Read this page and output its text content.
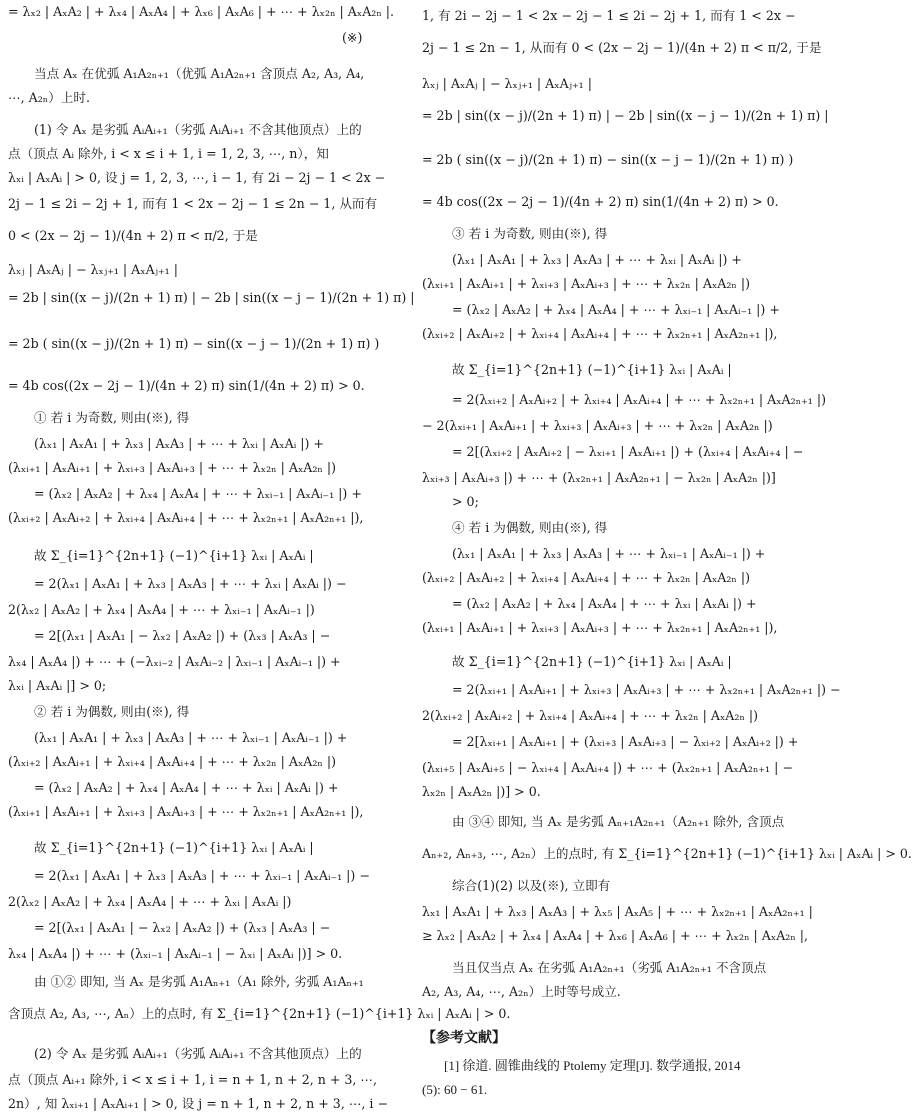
= λₓ₂ | AₓA₂ | + λₓ₄ | AₓA₄ | + λₓ₆ | AₓA₆ | + ⋯ + λₓ₂ₙ | AₓA₂ₙ |.
(※)
当点 Aₓ 在优弧 A₁A₂ₙ₊₁（优弧 A₁A₂ₙ₊₁ 含顶点 A₂, A₃, A₄,
⋯, A₂ₙ）上时.
(1) 令 Aₓ 是劣弧 AᵢAᵢ₊₁（劣弧 AᵢAᵢ₊₁ 不含其他顶点）上的
点（顶点 Aᵢ 除外, i < x ≤ i + 1, i = 1, 2, 3, ⋯, n），知
λₓᵢ | AₓAᵢ | > 0, 设 j = 1, 2, 3, ⋯, i − 1, 有 2i − 2j − 1 < 2x −
2j − 1 ≤ 2i − 2j + 1, 而有 1 < 2x − 2j − 1 ≤ 2n − 1, 从而有
0 < (2x − 2j − 1)/(4n + 2) π < π/2, 于是
λₓⱼ | AₓAⱼ | − λₓⱼ₊₁ | AₓAⱼ₊₁ |
= 2b | sin((x − j)/(2n + 1) π) | − 2b | sin((x − j − 1)/(2n + 1) π) |
= 2b ( sin((x − j)/(2n + 1) π) − sin((x − j − 1)/(2n + 1) π) )
= 4b cos((2x − 2j − 1)/(4n + 2) π) sin(1/(4n + 2) π) > 0.
① 若 i 为奇数, 则由(※), 得
(λₓ₁ | AₓA₁ | + λₓ₃ | AₓA₃ | + ⋯ + λₓᵢ | AₓAᵢ |) +
(λₓᵢ₊₁ | AₓAᵢ₊₁ | + λₓᵢ₊₃ | AₓAᵢ₊₃ | + ⋯ + λₓ₂ₙ | AₓA₂ₙ |)
= (λₓ₂ | AₓA₂ | + λₓ₄ | AₓA₄ | + ⋯ + λₓᵢ₋₁ | AₓAᵢ₋₁ |) +
(λₓᵢ₊₂ | AₓAᵢ₊₂ | + λₓᵢ₊₄ | AₓAᵢ₊₄ | + ⋯ + λₓ₂ₙ₊₁ | AₓA₂ₙ₊₁ |),
故 Σ_{i=1}^{2n+1} (−1)^{i+1} λₓᵢ | AₓAᵢ |
= 2(λₓ₁ | AₓA₁ | + λₓ₃ | AₓA₃ | + ⋯ + λₓᵢ | AₓAᵢ |) −
2(λₓ₂ | AₓA₂ | + λₓ₄ | AₓA₄ | + ⋯ + λₓᵢ₋₁ | AₓAᵢ₋₁ |)
= 2[(λₓ₁ | AₓA₁ | − λₓ₂ | AₓA₂ |) + (λₓ₃ | AₓA₃ | −
λₓ₄ | AₓA₄ |) + ⋯ + (−λₓᵢ₋₂ | AₓAᵢ₋₂ | λₓᵢ₋₁ | AₓAᵢ₋₁ |) +
λₓᵢ | AₓAᵢ |] > 0;
② 若 i 为偶数, 则由(※), 得
(λₓ₁ | AₓA₁ | + λₓ₃ | AₓA₃ | + ⋯ + λₓᵢ₋₁ | AₓAᵢ₋₁ |) +
(λₓᵢ₊₂ | AₓAᵢ₊₁ | + λₓᵢ₊₄ | AₓAᵢ₊₄ | + ⋯ + λₓ₂ₙ | AₓA₂ₙ |)
= (λₓ₂ | AₓA₂ | + λₓ₄ | AₓA₄ | + ⋯ + λₓᵢ | AₓAᵢ |) +
(λₓᵢ₊₁ | AₓAᵢ₊₁ | + λₓᵢ₊₃ | AₓAᵢ₊₃ | + ⋯ + λₓ₂ₙ₊₁ | AₓA₂ₙ₊₁ |),
故 Σ_{i=1}^{2n+1} (−1)^{i+1} λₓᵢ | AₓAᵢ |
= 2(λₓ₁ | AₓA₁ | + λₓ₃ | AₓA₃ | + ⋯ + λₓᵢ₋₁ | AₓAᵢ₋₁ |) −
2(λₓ₂ | AₓA₂ | + λₓ₄ | AₓA₄ | + ⋯ + λₓᵢ | AₓAᵢ |)
= 2[(λₓ₁ | AₓA₁ | − λₓ₂ | AₓA₂ |) + (λₓ₃ | AₓA₃ | −
λₓ₄ | AₓA₄ |) + ⋯ + (λₓᵢ₋₁ | AₓAᵢ₋₁ | − λₓᵢ | AₓAᵢ |)] > 0.
由 ①② 即知, 当 Aₓ 是劣弧 A₁Aₙ₊₁（A₁ 除外, 劣弧 A₁Aₙ₊₁
含顶点 A₂, A₃, ⋯, Aₙ）上的点时, 有 Σ_{i=1}^{2n+1} (−1)^{i+1} λₓᵢ | AₓAᵢ | > 0.
(2) 令 Aₓ 是劣弧 AᵢAᵢ₊₁（劣弧 AᵢAᵢ₊₁ 不含其他顶点）上的
点（顶点 Aᵢ₊₁ 除外, i < x ≤ i + 1, i = n + 1, n + 2, n + 3, ⋯,
2n）, 知 λₓᵢ₊₁ | AₓAᵢ₊₁ | > 0, 设 j = n + 1, n + 2, n + 3, ⋯, i −
1, 有 2i − 2j − 1 < 2x − 2j − 1 ≤ 2i − 2j + 1, 而有 1 < 2x −
2j − 1 ≤ 2n − 1, 从而有 0 < (2x − 2j − 1)/(4n + 2) π < π/2, 于是
λₓⱼ | AₓAⱼ | − λₓⱼ₊₁ | AₓAⱼ₊₁ |
= 2b | sin((x − j)/(2n + 1) π) | − 2b | sin((x − j − 1)/(2n + 1) π) |
= 2b ( sin((x − j)/(2n + 1) π) − sin((x − j − 1)/(2n + 1) π) )
= 4b cos((2x − 2j − 1)/(4n + 2) π) sin(1/(4n + 2) π) > 0.
③ 若 i 为奇数, 则由(※), 得
(λₓ₁ | AₓA₁ | + λₓ₃ | AₓA₃ | + ⋯ + λₓᵢ | AₓAᵢ |) +
(λₓᵢ₊₁ | AₓAᵢ₊₁ | + λₓᵢ₊₃ | AₓAᵢ₊₃ | + ⋯ + λₓ₂ₙ | AₓA₂ₙ |)
= (λₓ₂ | AₓA₂ | + λₓ₄ | AₓA₄ | + ⋯ + λₓᵢ₋₁ | AₓAᵢ₋₁ |) +
(λₓᵢ₊₂ | AₓAᵢ₊₂ | + λₓᵢ₊₄ | AₓAᵢ₊₄ | + ⋯ + λₓ₂ₙ₊₁ | AₓA₂ₙ₊₁ |),
故 Σ_{i=1}^{2n+1} (−1)^{i+1} λₓᵢ | AₓAᵢ |
= 2(λₓᵢ₊₂ | AₓAᵢ₊₂ | + λₓᵢ₊₄ | AₓAᵢ₊₄ | + ⋯ + λₓ₂ₙ₊₁ | AₓA₂ₙ₊₁ |)
− 2(λₓᵢ₊₁ | AₓAᵢ₊₁ | + λₓᵢ₊₃ | AₓAᵢ₊₃ | + ⋯ + λₓ₂ₙ | AₓA₂ₙ |)
= 2[(λₓᵢ₊₂ | AₓAᵢ₊₂ | − λₓᵢ₊₁ | AₓAᵢ₊₁ |) + (λₓᵢ₊₄ | AₓAᵢ₊₄ | −
λₓᵢ₊₃ | AₓAᵢ₊₃ |) + ⋯ + (λₓ₂ₙ₊₁ | AₓA₂ₙ₊₁ | − λₓ₂ₙ | AₓA₂ₙ |)]
> 0;
④ 若 i 为偶数, 则由(※), 得
(λₓ₁ | AₓA₁ | + λₓ₃ | AₓA₃ | + ⋯ + λₓᵢ₋₁ | AₓAᵢ₋₁ |) +
(λₓᵢ₊₂ | AₓAᵢ₊₂ | + λₓᵢ₊₄ | AₓAᵢ₊₄ | + ⋯ + λₓ₂ₙ | AₓA₂ₙ |)
= (λₓ₂ | AₓA₂ | + λₓ₄ | AₓA₄ | + ⋯ + λₓᵢ | AₓAᵢ |) +
(λₓᵢ₊₁ | AₓAᵢ₊₁ | + λₓᵢ₊₃ | AₓAᵢ₊₃ | + ⋯ + λₓ₂ₙ₊₁ | AₓA₂ₙ₊₁ |),
故 Σ_{i=1}^{2n+1} (−1)^{i+1} λₓᵢ | AₓAᵢ |
= 2(λₓᵢ₊₁ | AₓAᵢ₊₁ | + λₓᵢ₊₃ | AₓAᵢ₊₃ | + ⋯ + λₓ₂ₙ₊₁ | AₓA₂ₙ₊₁ |) −
2(λₓᵢ₊₂ | AₓAᵢ₊₂ | + λₓᵢ₊₄ | AₓAᵢ₊₄ | + ⋯ + λₓ₂ₙ | AₓA₂ₙ |)
= 2[λₓᵢ₊₁ | AₓAᵢ₊₁ | + (λₓᵢ₊₃ | AₓAᵢ₊₃ | − λₓᵢ₊₂ | AₓAᵢ₊₂ |) +
(λₓᵢ₊₅ | AₓAᵢ₊₅ | − λₓᵢ₊₄ | AₓAᵢ₊₄ |) + ⋯ + (λₓ₂ₙ₊₁ | AₓA₂ₙ₊₁ | −
λₓ₂ₙ | AₓA₂ₙ |)] > 0.
由 ③④ 即知, 当 Aₓ 是劣弧 Aₙ₊₁A₂ₙ₊₁（A₂ₙ₊₁ 除外, 含顶点
Aₙ₊₂, Aₙ₊₃, ⋯, A₂ₙ）上的点时, 有 Σ_{i=1}^{2n+1} (−1)^{i+1} λₓᵢ | AₓAᵢ | > 0.
综合(1)(2) 以及(※), 立即有
λₓ₁ | AₓA₁ | + λₓ₃ | AₓA₃ | + λₓ₅ | AₓA₅ | + ⋯ + λₓ₂ₙ₊₁ | AₓA₂ₙ₊₁ |
≥ λₓ₂ | AₓA₂ | + λₓ₄ | AₓA₄ | + λₓ₆ | AₓA₆ | + ⋯ + λₓ₂ₙ | AₓA₂ₙ |,
当且仅当点 Aₓ 在劣弧 A₁A₂ₙ₊₁（劣弧 A₁A₂ₙ₊₁ 不含顶点
A₂, A₃, A₄, ⋯, A₂ₙ）上时等号成立.
【参考文献】
[1] 徐道. 圆锥曲线的 Ptolemy 定理[J]. 数学通报, 2014
(5): 60 − 61.
